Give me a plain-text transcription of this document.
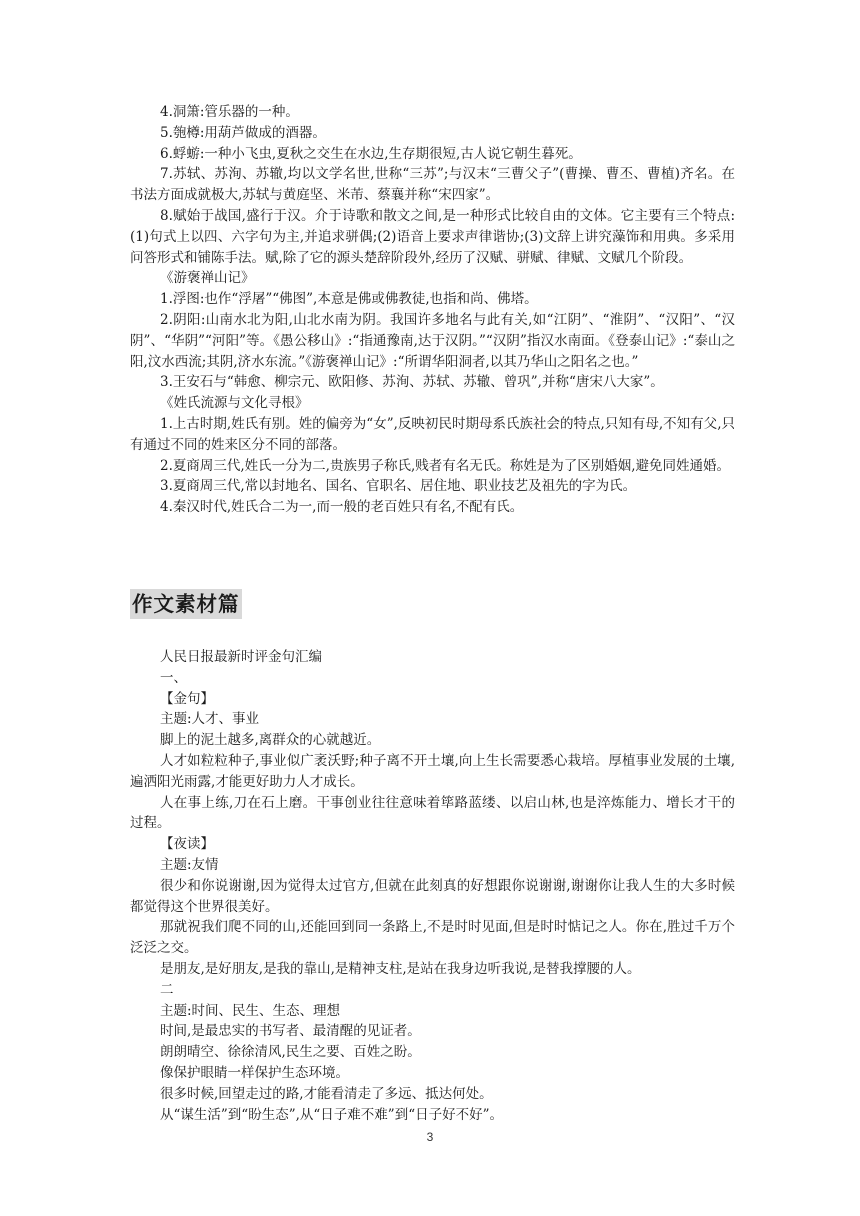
4.洞箫:管乐器的一种。

5.匏樽:用葫芦做成的酒器。

6.蜉蝣:一种小飞虫,夏秋之交生在水边,生存期很短,古人说它朝生暮死。

7.苏轼、苏洵、苏辙,均以文学名世,世称“三苏”;与汉末“三曹父子”(曹操、曹丕、曹植)齐名。在书法方面成就极大,苏轼与黄庭坚、米芾、蔡襄并称“宋四家”。

8.赋始于战国,盛行于汉。介于诗歌和散文之间,是一种形式比较自由的文体。它主要有三个特点:(1)句式上以四、六字句为主,并追求骈偶;(2)语音上要求声律谐协;(3)文辞上讲究藻饰和用典。多采用问答形式和铺陈手法。赋,除了它的源头楚辞阶段外,经历了汉赋、骈赋、律赋、文赋几个阶段。

《游褒禅山记》

1.浮图:也作“浮屠”“佛图”,本意是佛或佛教徒,也指和尚、佛塔。

2.阴阳:山南水北为阳,山北水南为阴。我国许多地名与此有关,如“江阴”、“淮阴”、“汉阳”、“汉阴”、“华阴”“河阳”等。《愚公移山》:“指通豫南,达于汉阴。”“汉阴”指汉水南面。《登泰山记》:“泰山之阳,汶水西流;其阴,济水东流。”《游褒禅山记》:“所谓华阳洞者,以其乃华山之阳名之也。”

3.王安石与“韩愈、柳宗元、欧阳修、苏洵、苏轼、苏辙、曾巩”,并称“唐宋八大家”。

《姓氏流源与文化寻根》

1.上古时期,姓氏有别。姓的偏旁为“女”,反映初民时期母系氏族社会的特点,只知有母,不知有父,只有通过不同的姓来区分不同的部落。

2.夏商周三代,姓氏一分为二,贵族男子称氏,贱者有名无氏。称姓是为了区别婚姻,避免同姓通婚。

3.夏商周三代,常以封地名、国名、官职名、居住地、职业技艺及祖先的字为氏。

4.秦汉时代,姓氏合二为一,而一般的老百姓只有名,不配有氏。

作文素材篇

人民日报最新时评金句汇编

一、

【金句】

主题:人才、事业

脚上的泥土越多,离群众的心就越近。

人才如粒粒种子,事业似广袤沃野;种子离不开土壤,向上生长需要悉心栽培。厚植事业发展的土壤,遍洒阳光雨露,才能更好助力人才成长。

人在事上练,刀在石上磨。干事创业往往意味着筚路蓝缕、以启山林,也是淬炼能力、增长才干的过程。

【夜读】

主题:友情

很少和你说谢谢,因为觉得太过官方,但就在此刻真的好想跟你说谢谢,谢谢你让我人生的大多时候都觉得这个世界很美好。

那就祝我们爬不同的山,还能回到同一条路上,不是时时见面,但是时时惦记之人。你在,胜过千万个泛泛之交。

是朋友,是好朋友,是我的靠山,是精神支柱,是站在我身边听我说,是替我撑腰的人。

二

主题:时间、民生、生态、理想

时间,是最忠实的书写者、最清醒的见证者。

朗朗晴空、徐徐清风,民生之要、百姓之盼。

像保护眼睛一样保护生态环境。

很多时候,回望走过的路,才能看清走了多远、抵达何处。

从“谋生活”到“盼生态”,从“日子难不难”到“日子好不好”。

3
